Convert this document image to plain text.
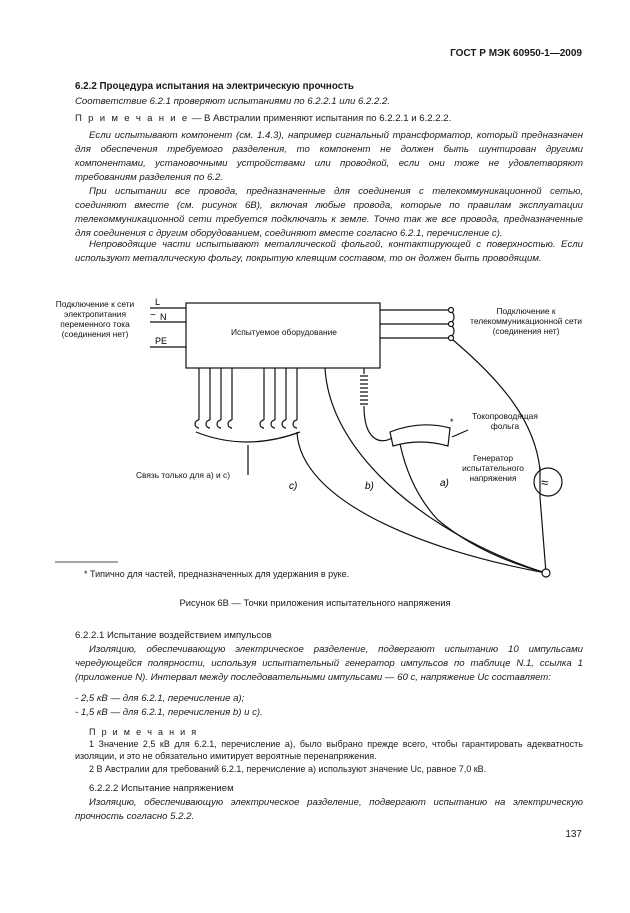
ГОСТ Р МЭК 60950-1—2009

6.2.2 Процедура испытания на электрическую прочность

Соответствие 6.2.1 проверяют испытаниями по 6.2.2.1 или 6.2.2.2.

П р и м е ч а н и е — В Австралии применяют испытания по 6.2.2.1 и 6.2.2.2.

Если испытывают компонент (см. 1.4.3), например сигнальный трансформатор, который предназначен для обеспечения требуемого разделения, то компонент не должен быть шунтирован другими компонентами, установочными устройствами или проводкой, если они тоже не удовлетворяют требованиям разделения по 6.2.

При испытании все провода, предназначенные для соединения с телекоммуникационной сетью, соединяют вместе (см. рисунок 6В), включая любые провода, которые по правилам эксплуатации телекоммуникационной сети требуется подключать к земле. Точно так же все провода, предназначенные для соединения с другим оборудованием, соединяют вместе согласно 6.2.1, перечисление с).

Непроводящие части испытывают металлической фольгой, контактирующей с поверхностью. Если используют металлическую фольгу, покрытую клеящим составом, то он должен быть проводящим.

L
N
~
PE
*
≈
c)	b)	a)
Подключение к сети электропитания переменного тока (соединения нет)	Испытуемое оборудование
Подключение к телекоммуникационной сети (соединения нет)
Токопроводящая фольга
Генератор испытательного напряжения
Связь только для а) и с)
* Типично для частей, предназначенных для удержания в руке.
Рисунок 6В — Точки приложения испытательного напряжения

6.2.2.1 Испытание воздействием импульсов

Изоляцию, обеспечивающую электрическое разделение, подвергают испытанию 10 импульсами чередующейся полярности, используя испытательный генератор импульсов по таблице N.1, ссылка 1 (приложение N). Интервал между последовательными импульсами — 60 с, напряжение Uc составляет:

- 2,5 кВ — для 6.2.1, перечисление а);

- 1,5 кВ — для 6.2.1, перечисления b) и с).

П р и м е ч а н и я

1 Значение 2,5 кВ для 6.2.1, перечисление а), было выбрано прежде всего, чтобы гарантировать адекватность изоляции, и это не обязательно имитирует вероятные перенапряжения.

2 В Австралии для требований 6.2.1, перечисление а) используют значение Uc, равное 7,0 кВ.

6.2.2.2 Испытание напряжением

Изоляцию, обеспечивающую электрическое разделение, подвергают испытанию на электрическую прочность согласно 5.2.2.

137
